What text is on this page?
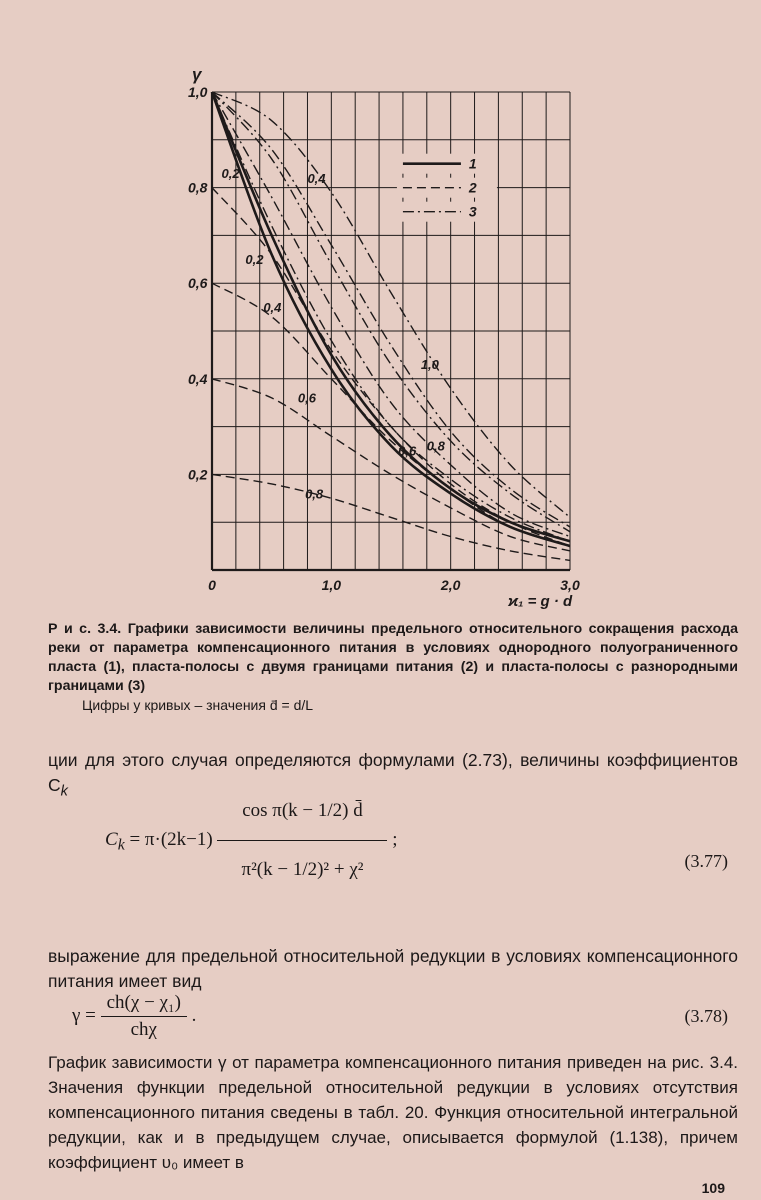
0	1,0	2,0	3,0
0,2
0,4
0,6
0,8
1,0
γ
ϰ₁ = g · d
0,2	0,4
0,2
0,4
0,6
1,0
0,6 0,8
0,8
1
2
3
Р и с. 3.4. Графики зависимости величины предельного относительного сокращения расхода реки от параметра компенсационного питания в условиях однородного полуограниченного пласта (1), пласта-полосы с двумя границами питания (2) и пласта-полосы с разнородными границами (3)
Цифры у кривых – значения d̄ = d/L
ции для этого случая определяются формулами (2.73), величины коэффициентов $C_k$
$C_k = \pi\cdot(2k-1) \frac{\text{cos π(k − 1/2) d̄}}{\text{π²(k − 1/2)² + χ²}}$ ;
(3.77)
выражение для предельной относительной редукции в условиях компенсационного питания имеет вид
$\gamma = \frac{\text{ch(χ − χ₁)}}{\text{chχ}}$ .	(3.78)
График зависимости γ от параметра компенсационного питания приведен на рис. 3.4. Значения функции предельной относительной редукции в условиях отсутствия компенсационного питания сведены в табл. 20. Функция относительной интегральной редукции, как и в предыдущем случае, описывается формулой (1.138), причем коэффициент υ₀ имеет в
109
